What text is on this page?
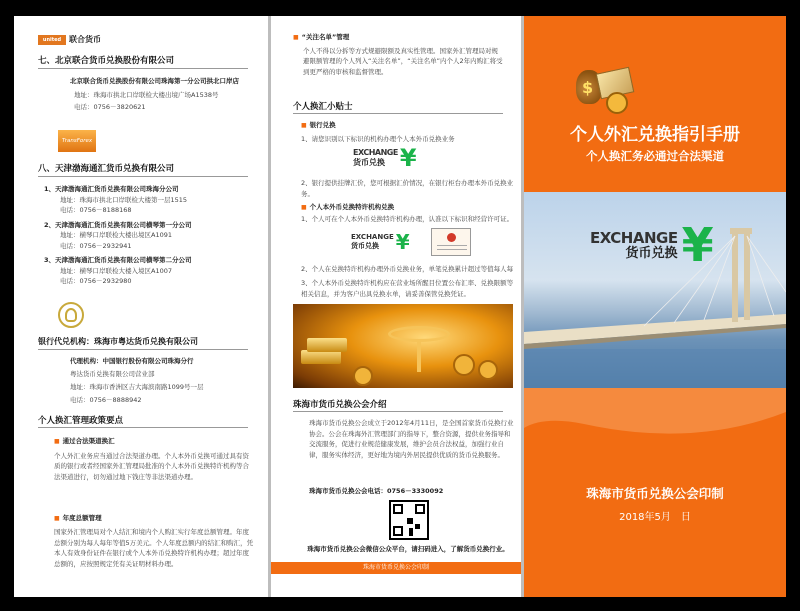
united 联合货币
七、北京联合货币兑换股份有限公司
北京联合货币兑换股份有限公司珠海第一分公司拱北口岸店
地址：珠海市拱北口岸联检大楼出境广场A1538号
电话：0756－3820621
TransForex
八、天津渤海通汇货币兑换有限公司
1、天津渤海通汇货币兑换有限公司珠海分公司
地址：珠海市拱北口岸联检大楼第一层1515
电话：0756－8188168
2、天津渤海通汇货币兑换有限公司横琴第一分公司
地址：横琴口岸联检大楼出境区A1091
电话：0756－2932941
3、天津渤海通汇货币兑换有限公司横琴第二分公司
地址：横琴口岸联检大楼入境区A1007
电话：0756－2932980
银行代兑机构：珠海市粤达货币兑换有限公司
代理机构：中国银行股份有限公司珠海分行
粤达货币兑换有限公司营业部
地址：珠海市香洲区吉大海滨南路1099号一层
电话：0756－8888942
个人换汇管理政策要点
■ 通过合法渠道换汇
个人外汇业务应当通过合法渠道办理。个人本外币兑换可通过具有资质的银行或者经国家外汇管理局批准的个人本外币兑换特许机构等合法渠道进行，切勿通过地下钱庄等非法渠道办理。
■ 年度总额管理
国家外汇管理局对个人结汇和境内个人购汇实行年度总额管理。年度总额分别为每人每年等值5万美元。个人年度总额内的结汇和购汇，凭本人有效身份证件在银行或个人本外币兑换特许机构办理；超过年度总额的，应按照规定凭有关证明材料办理。
■ “关注名单”管理
个人不得以分拆等方式规避限额及真实性管理。国家外汇管理局对规避限额管理的个人列入“关注名单”，“关注名单”内个人2年内购汇将受到更严格的审核和监督管理。
个人换汇小贴士
■ 银行兑换
1、请您识别以下标识的机构办理个人本外币兑换业务
EXCHANGE
货币兑换 ¥
2、银行提供挂牌汇价，您可根据汇价情况，在银行柜台办理本外币兑换业务。
■ 个人本外币兑换特许机构兑换
1、个人可在个人本外币兑换特许机构办理，认准以下标识和经营许可证。
EXCHANGE
货币兑换 ¥
2、个人在兑换特许机构办理外币兑换业务，单笔兑换累计超过等值每人每
3、个人本外币兑换特许机构应在营业场所醒目位置公布汇率、兑换限额等相关信息，并为客户出具兑换水单，请妥善保管兑换凭证。
珠海市货币兑换公会介绍
珠海市货币兑换公会成立于2012年4月11日，是全国首家货币兑换行业协会。公会在珠海外汇管理部门的指导下，整合资源，提供业务指导和交流服务，促进行业规范健康发展，维护会员合法权益，加强行业自律，服务实体经济，更好地为境内外居民提供优质的货币兑换服务。
珠海市货币兑换公会电话：0756－3330092
珠海市货币兑换公会微信公众平台，请扫码进入，了解货币兑换行业。
珠海市货币兑换公会印制
$
个人外汇兑换指引手册
个人换汇务必通过合法渠道
EXCHANGE
货币兑换 ¥
珠海市货币兑换公会印制
2018年5月　日
